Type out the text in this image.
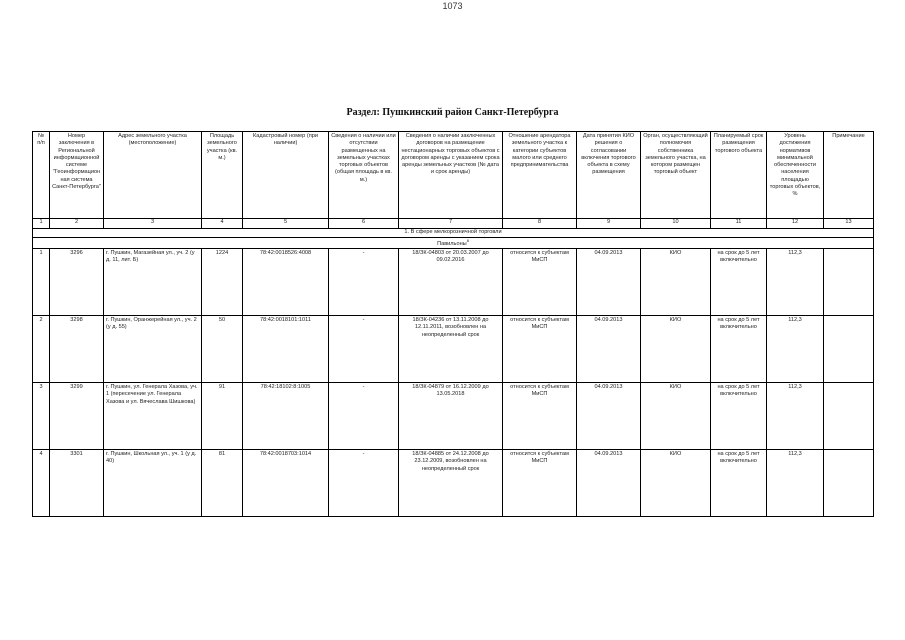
1073
Раздел: Пушкинский район Санкт-Петербурга
№ п/п	Номер заключения в Региональной информационной системе "Геоинформационная система Санкт-Петербурга"	Адрес земельного участка (местоположение)	Площадь земельного участка (кв. м.)	Кадастровый номер (при наличии)	Сведения о наличии или отсутствии размещенных на земельных участках торговых объектов (общая площадь в кв. м.)	Сведения о наличии заключенных договоров на размещение нестационарных торговых объектов с договором аренды с указанием срока аренды земельных участков (№ дата и срок аренды)	Отношение арендатора земельного участка к категории субъектов малого или среднего предпринимательства	Дата принятия КИО решения о согласовании включения торгового объекта в схему размещения	Орган, осуществляющий полномочия собственника земельного участка, на котором размещен торговый объект	Планируемый срок размещения торгового объекта	Уровень достижения нормативов минимальной обеспеченности населения площадью торговых объектов, %	Примечание
1	2	3	4	5	6	7	8	9	10	11	12	13
1. В сфере мелкорозничной торговли												
Павильоны$^8$
1	3296	г. Пушкин, Магазейная ул., уч. 2 (у д. 11, лит. Б)	1224	78:42:0018526:4008	-	18/ЗК-04803 от 20.03.2007 до 09.02.2016	относится к субъектам МиСП	04.09.2013	КИО	на срок до 5 лет включительно	112,3	
2	3298	г. Пушкин, Оранжерейная ул., уч. 2 (у д. 55)	50	78:42:0018101:1011	-	18/ЗК-04236 от 13.11.2008 до 12.11.2011, возобновлен на неопределенный срок	относится к субъектам МиСП	04.09.2013	КИО	на срок до 5 лет включительно	112,3	
3	3299	г. Пушкин, ул. Генерала Хазова, уч. 1 (пересечение ул. Генерала Хазова и ул. Вячеслава Шишкова)	91	78:42:18102:8:1005	-	18/ЗК-04879 от 16.12.2009 до 13.05.2018	относится к субъектам МиСП	04.09.2013	КИО	на срок до 5 лет включительно	112,3	
4	3301	г. Пушкин, Школьная ул., уч. 1 (у д. 40)	81	78:42:0018703:1014	-	18/ЗК-04885 от 24.12.2008 до 23.12.2009, возобновлен на неопределенный срок	относится к субъектам МиСП	04.09.2013	КИО	на срок до 5 лет включительно	112,3	
